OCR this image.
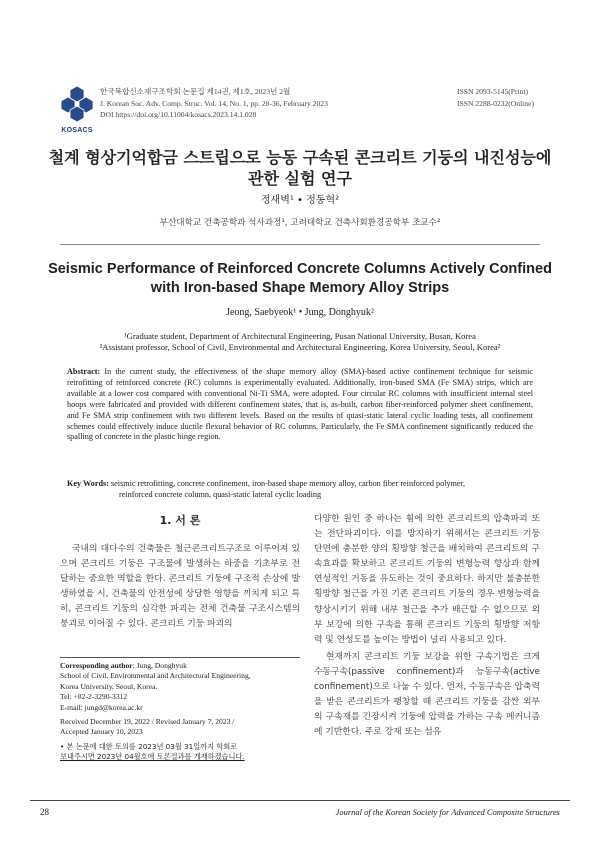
KOSACS
한국복합신소재구조학회 논문집 제14권, 제1호, 2023년 2월
J. Korean Soc. Adv. Comp. Struc. Vol. 14, No. 1, pp. 28-36, February 2023
DOI https://doi.org/10.11004/kosacs.2023.14.1.028
ISSN 2093-5145(Print)
ISSN 2288-0232(Online)
철계 형상기억합금 스트립으로 능동 구속된 콘크리트 기둥의 내진성능에
관한 실험 연구
정새벽¹ • 정동혁²
부산대학교 건축공학과 석사과정¹, 고려대학교 건축사회환경공학부 조교수²
Seismic Performance of Reinforced Concrete Columns Actively Confined
with Iron-based Shape Memory Alloy Strips
Jeong, Saebyeok¹ • Jung, Donghyuk²
¹Graduate student, Department of Architectural Engineering, Pusan National University, Busan, Korea
²Assistant professor, School of Civil, Environmental and Architectural Engineering, Korea University, Seoul, Korea²
Abstract: In the current study, the effectiveness of the shape memory alloy (SMA)-based active confinement technique for seismic retrofitting of reinforced concrete (RC) columns is experimentally evaluated. Additionally, iron-based SMA (Fe SMA) strips, which are available at a lower cost compared with conventional Ni-Ti SMA, were adopted. Four circular RC columns with insufficient internal steel hoops were fabricated and provided with different confinement states, that is, as-built, carbon fiber-reinforced polymer sheet confinement, and Fe SMA strip confinement with two different levels. Based on the results of quasi-static lateral cyclic loading tests, all confinement schemes could effectively induce ductile flexural behavior of RC columns. Particularly, the Fe SMA confinement significantly reduced the spalling of concrete in the plastic hinge region.
Key Words: seismic retrofitting, concrete confinement, iron-based shape memory alloy, carbon fiber reinforced polymer,
reinforced concrete column, quasi-static lateral cyclic loading
1. 서 론
국내의 대다수의 건축물은 철근콘크리트구조로 이루어져 있으며 콘크리트 기둥은 구조물에 발생하는 하중을 기초부로 전달하는 중요한 역할을 한다. 콘크리트 기둥에 구조적 손상에 발생하였을 시, 건축물의 안전성에 상당한 영향을 끼치게 되고 특히, 콘크리트 기둥의 심각한 파괴는 전체 건축물 구조시스템의 붕괴로 이어질 수 있다. 콘크리트 기둥 파괴의
Corresponding author: Jung, Donghyuk
School of Civil, Environmental and Architectural Engineering,
Korea University, Seoul, Korea.
Tel: +82-2-3290-3312
E-mail: jungd@korea.ac.kr
Received December 19, 2022 / Revised January 7, 2023 /
Accepted January 10, 2023
• 본 논문에 대한 토의를 2023년 03월 31일까지 학회로
보내주시면 2023년 04월호에 토론결과를 게재하겠습니다.
다양한 원인 중 하나는 휨에 의한 콘크리트의 압축파괴 또는 전단파괴이다. 이를 방지하기 위해서는 콘크리트 기둥 단면에 충분한 양의 횡방향 철근을 배치하여 콘크리트의 구속효과를 확보하고 콘크리트 기둥의 변형능력 향상과 함께 연성적인 거동을 유도하는 것이 중요하다. 하지만 불충분한 횡방향 철근을 가진 기존 콘크리트 기둥의 경우 변형능력을 향상시키기 위해 내부 철근을 추가 배근할 수 없으므로 외부 보강에 의한 구속을 통해 콘크리트 기둥의 횡방향 저항력 및 연성도를 높이는 방법이 널리 사용되고 있다.
현재까지 콘크리트 기둥 보강을 위한 구속기법은 크게 수동구속(passive confinement)과 능동구속(active confinement)으로 나눌 수 있다. 먼저, 수동구속은 압축력을 받은 콘크리트가 팽창할 때 콘크리트 기둥을 감싼 외부의 구속재를 긴장시켜 기둥에 압력을 가하는 구속 메커니즘에 기반한다. 주로 강재 또는 섬유
28	Journal of the Korean Society for Advanced Composite Structures
